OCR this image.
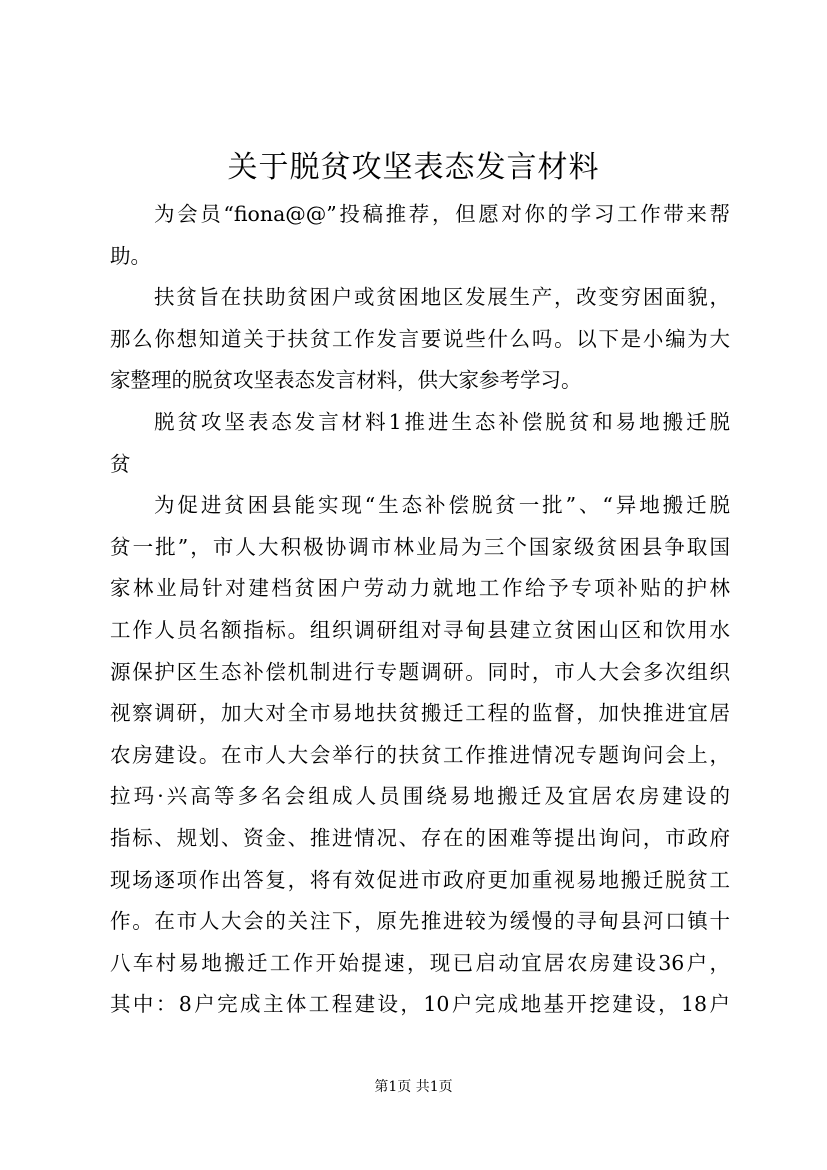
关于脱贫攻坚表态发言材料
为会员“fiona@@”投稿推荐，但愿对你的学习工作带来帮
助。
扶贫旨在扶助贫困户或贫困地区发展生产，改变穷困面貌，
那么你想知道关于扶贫工作发言要说些什么吗。以下是小编为大
家整理的脱贫攻坚表态发言材料，供大家参考学习。
脱贫攻坚表态发言材料1推进生态补偿脱贫和易地搬迁脱
贫
为促进贫困县能实现“生态补偿脱贫一批”、“异地搬迁脱
贫一批”，市人大积极协调市林业局为三个国家级贫困县争取国
家林业局针对建档贫困户劳动力就地工作给予专项补贴的护林
工作人员名额指标。组织调研组对寻甸县建立贫困山区和饮用水
源保护区生态补偿机制进行专题调研。同时，市人大会多次组织
视察调研，加大对全市易地扶贫搬迁工程的监督，加快推进宜居
农房建设。在市人大会举行的扶贫工作推进情况专题询问会上，
拉玛·兴高等多名会组成人员围绕易地搬迁及宜居农房建设的
指标、规划、资金、推进情况、存在的困难等提出询问，市政府
现场逐项作出答复，将有效促进市政府更加重视易地搬迁脱贫工
作。在市人大会的关注下，原先推进较为缓慢的寻甸县河口镇十
八车村易地搬迁工作开始提速，现已启动宜居农房建设36户，
其中：8户完成主体工程建设，10户完成地基开挖建设，18户
第1页 共1页
